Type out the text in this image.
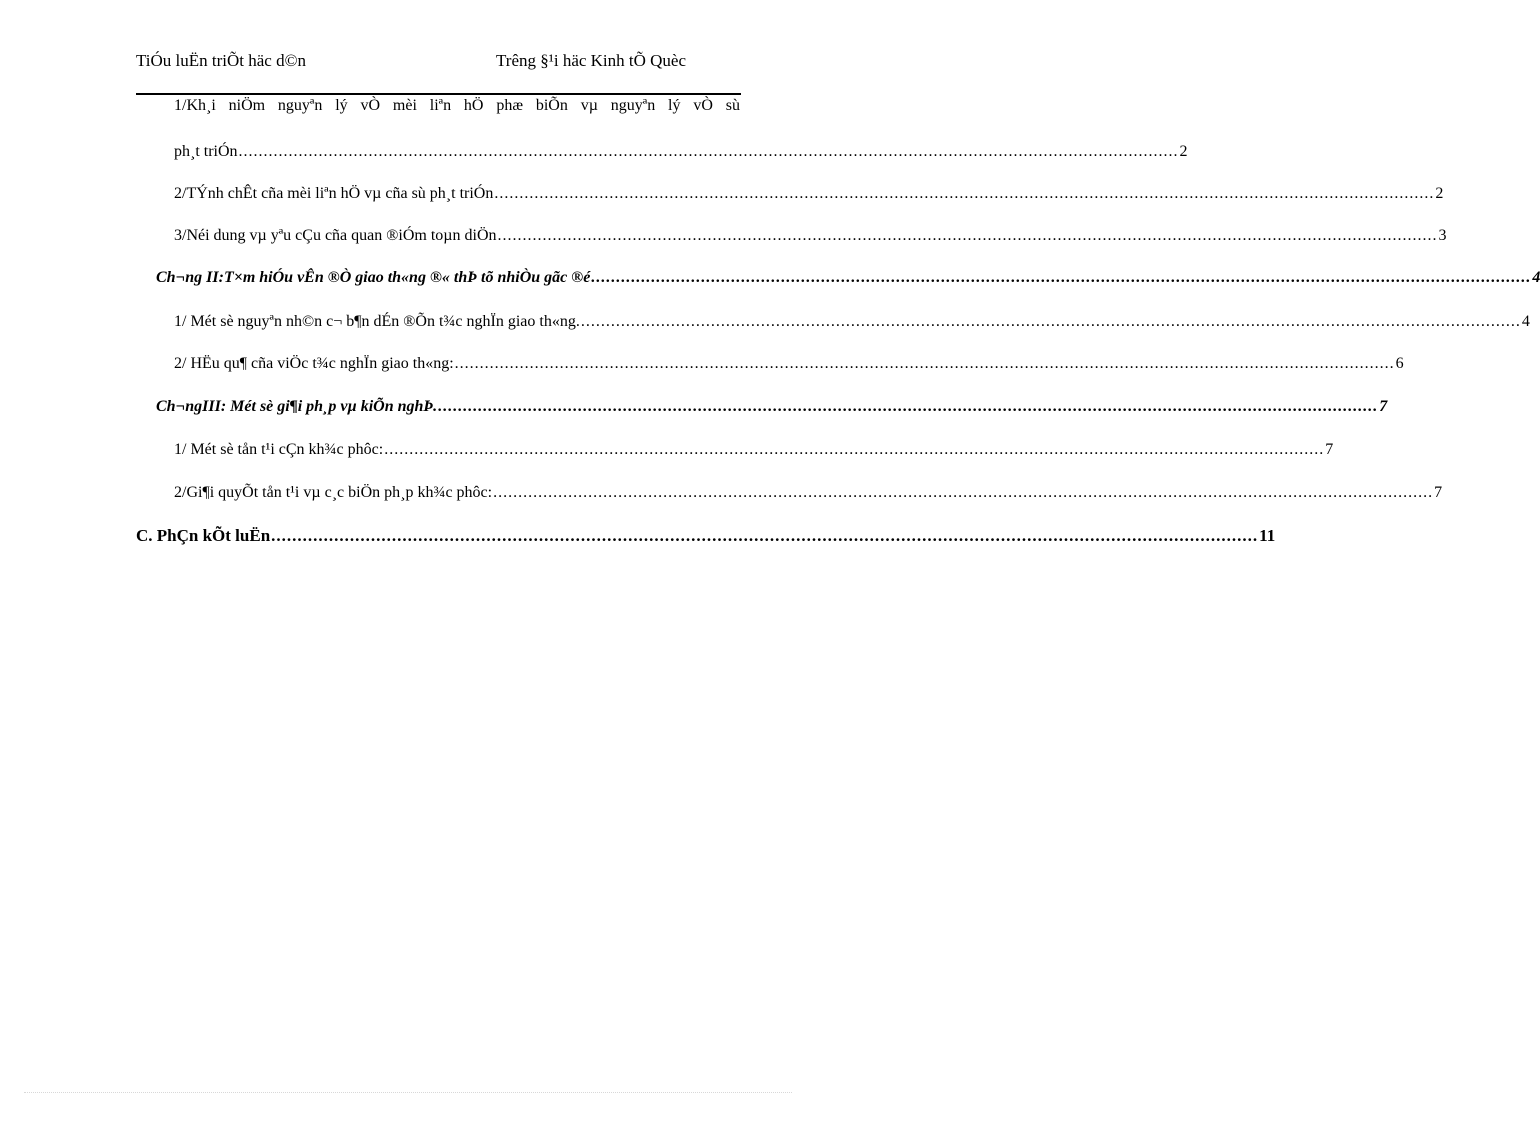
TiÓu luËn triÕt häc d©n	Trêng §¹i häc Kinh tÕ Quèc
1/Kh¸i niÖm nguyªn lý vÒ mèi liªn hÖ phæ biÕn vµ nguyªn lý vÒ sù
ph¸t triÓn ............................................................................................................................................................................................ 2
2/TÝnh chÊt cña mèi liªn hÖ vµ cña sù ph¸t triÓn ............................................................................................................................................................................................ 2
3/Néi dung vµ yªu cÇu cña quan ®iÓm toµn diÖn ............................................................................................................................................................................................ 3
Ch¬ng II:T×m hiÓu vÊn ®Ò giao th«ng ®« thÞ tõ nhiÒu gãc ®é ............................................................................................................................................................................................ 4
1/ Mét sè nguyªn nh©n c¬ b¶n dÉn ®Õn t¾c nghÏn giao th«ng. ............................................................................................................................................................................................ 4
2/ HËu qu¶ cña viÖc t¾c nghÏn giao th«ng: ............................................................................................................................................................................................ 6
Ch¬ngIII: Mét sè gi¶i ph¸p vµ kiÕn nghÞ. ............................................................................................................................................................................................ 7
1/ Mét sè tån t¹i cÇn kh¾c phôc: ............................................................................................................................................................................................ 7
2/Gi¶i quyÕt tån t¹i vµ c¸c biÖn ph¸p kh¾c phôc: ............................................................................................................................................................................................ 7
C. PhÇn kÕt luËn ............................................................................................................................................................................................ 11
